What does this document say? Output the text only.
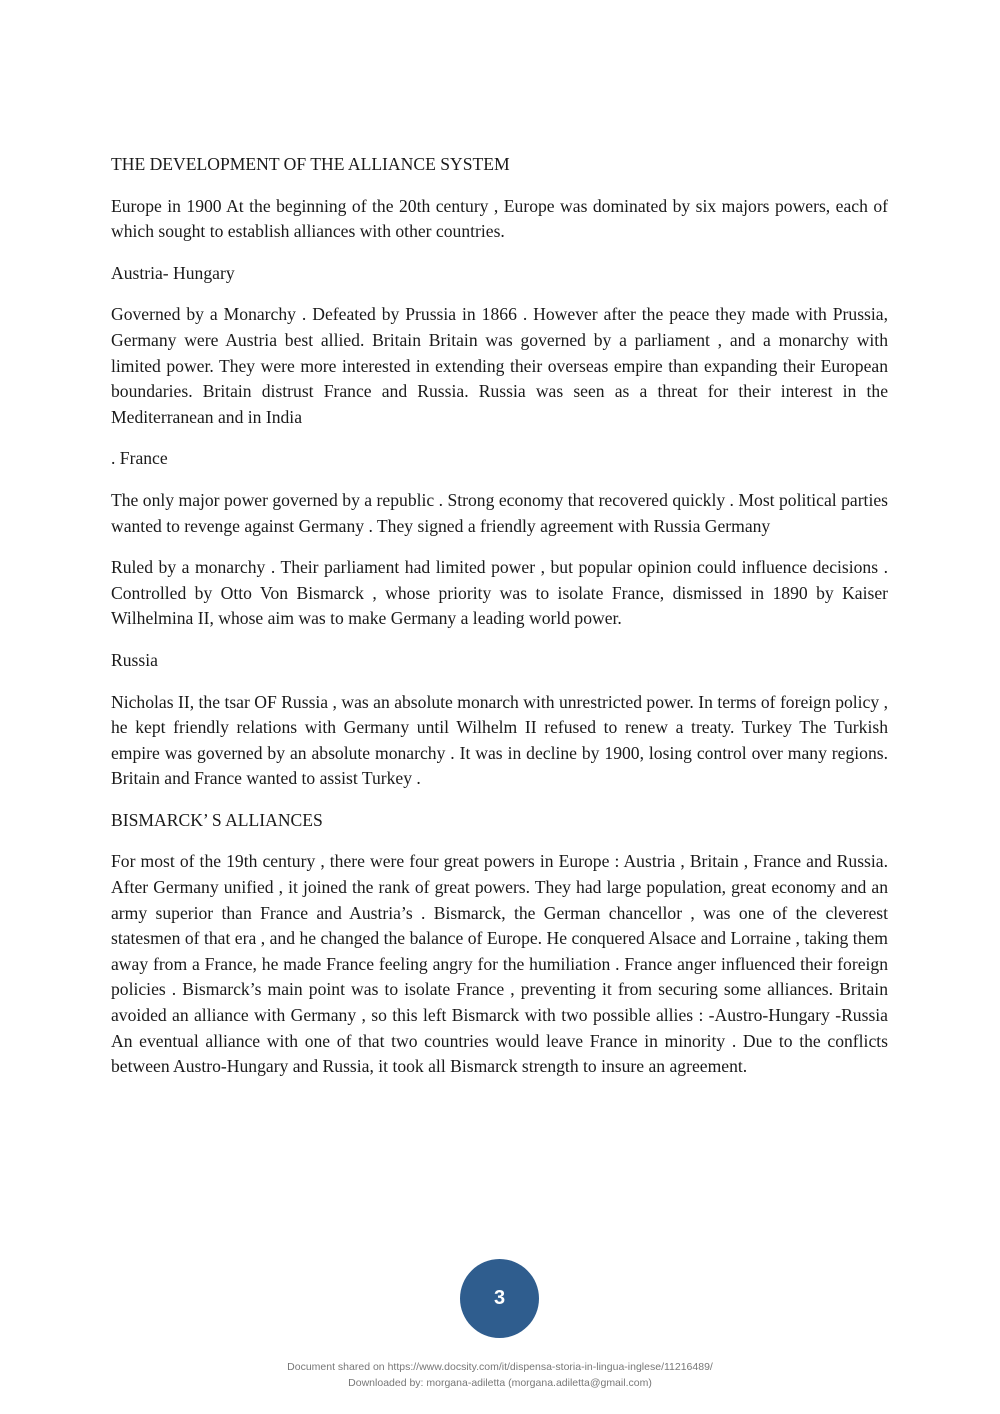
THE DEVELOPMENT OF THE ALLIANCE SYSTEM

Europe in 1900 At the beginning of the 20th century , Europe was dominated by six majors powers, each of which sought to establish alliances with other countries.

Austria- Hungary

Governed by a Monarchy . Defeated by Prussia in 1866 . However after the peace they made with Prussia, Germany were Austria best allied. Britain Britain was governed by a parliament , and a monarchy with limited power. They were more interested in extending their overseas empire than expanding their European boundaries. Britain distrust France and Russia. Russia was seen as a threat for their interest in the Mediterranean and in India

. France

The only major power governed by a republic . Strong economy that recovered quickly . Most political parties wanted to revenge against Germany . They signed a friendly agreement with Russia Germany

Ruled by a monarchy . Their parliament had limited power , but popular opinion could influence decisions . Controlled by Otto Von Bismarck , whose priority was to isolate France, dismissed in 1890 by Kaiser Wilhelmina II, whose aim was to make Germany a leading world power.

Russia

Nicholas II, the tsar OF Russia , was an absolute monarch with unrestricted power. In terms of foreign policy , he kept friendly relations with Germany until Wilhelm II refused to renew a treaty. Turkey The Turkish empire was governed by an absolute monarchy . It was in decline by 1900, losing control over many regions. Britain and France wanted to assist Turkey .

BISMARCK’ S ALLIANCES

For most of the 19th century , there were four great powers in Europe : Austria , Britain , France and Russia. After Germany unified , it joined the rank of great powers. They had large population, great economy and an army superior than France and Austria’s . Bismarck, the German chancellor , was one of the cleverest statesmen of that era , and he changed the balance of Europe. He conquered Alsace and Lorraine , taking them away from a France, he made France feeling angry for the humiliation . France anger influenced their foreign policies . Bismarck’s main point was to isolate France , preventing it from securing some alliances. Britain avoided an alliance with Germany , so this left Bismarck with two possible allies : -Austro-Hungary -Russia An eventual alliance with one of that two countries would leave France in minority . Due to the conflicts between Austro-Hungary and Russia, it took all Bismarck strength to insure an agreement.

3
Document shared on https://www.docsity.com/it/dispensa-storia-in-lingua-inglese/11216489/
Downloaded by: morgana-adiletta (morgana.adiletta@gmail.com)
